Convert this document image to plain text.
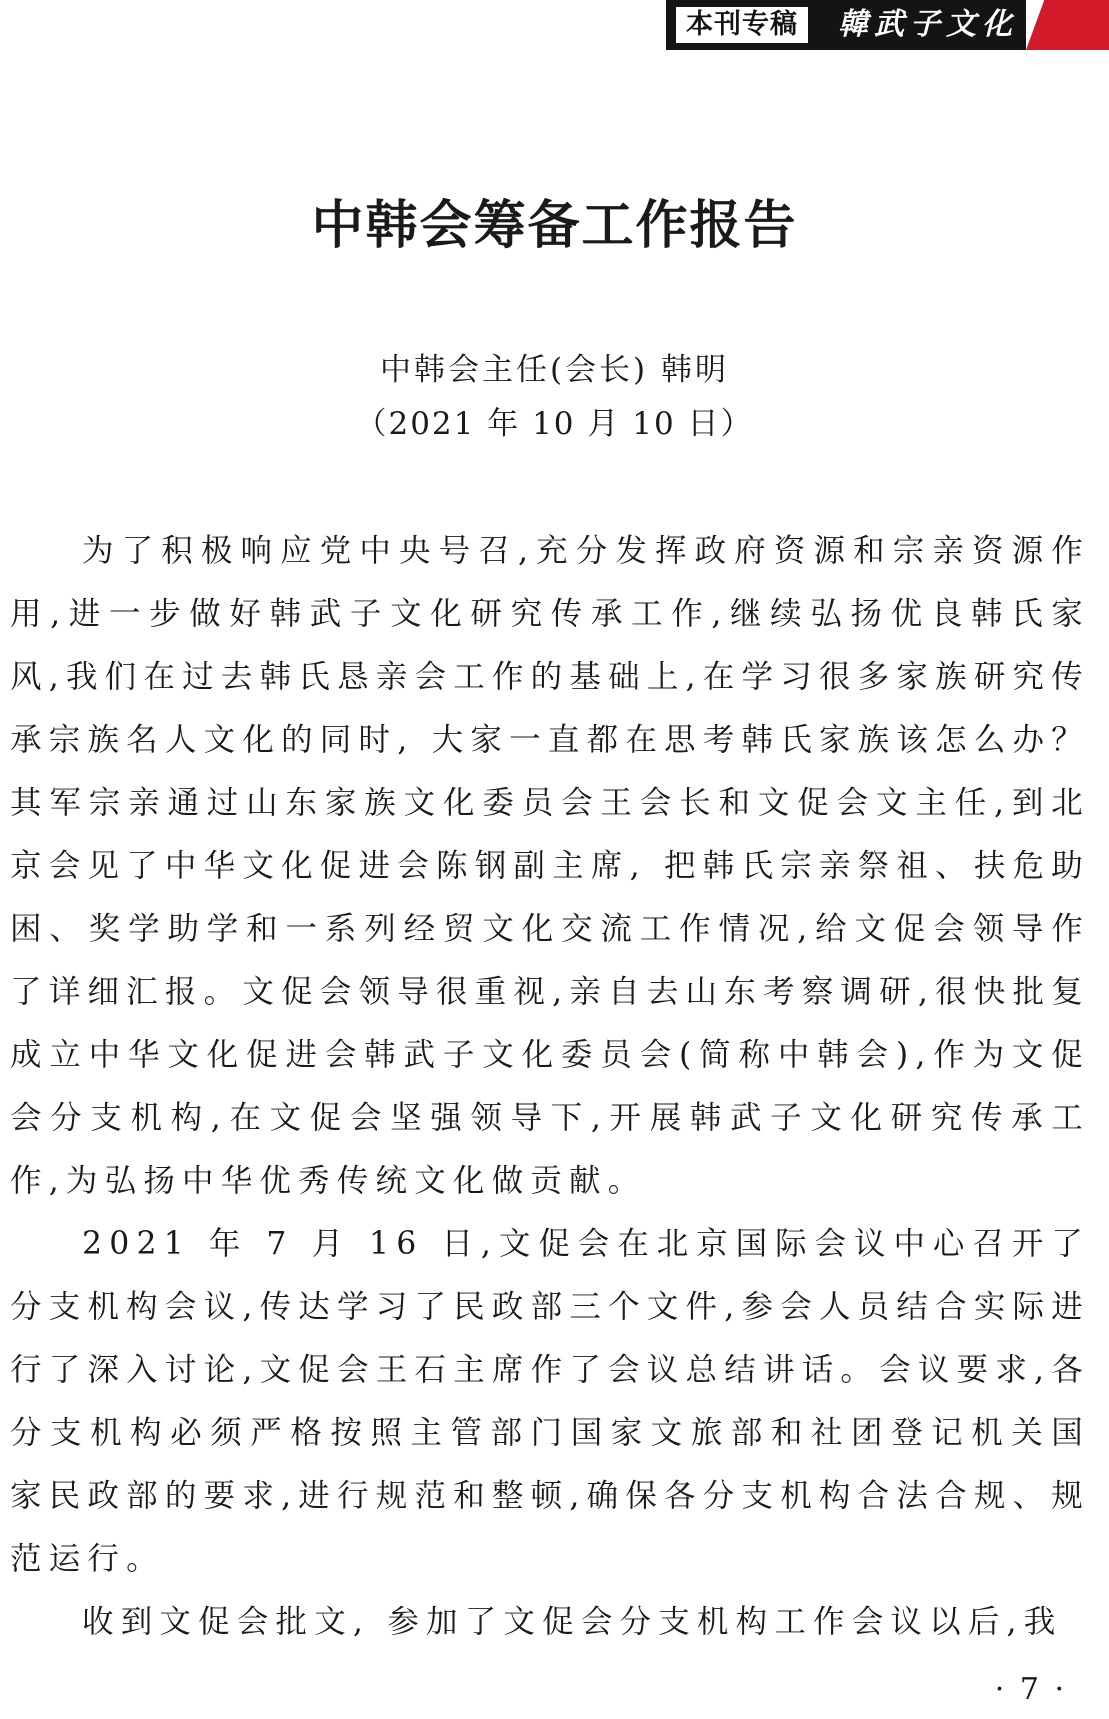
本刊专稿	韓武子文化
中韩会筹备工作报告
中韩会主任(会长) 韩明
（2021 年 10 月 10 日）

为了积极响应党中央号召,充分发挥政府资源和宗亲资源作用,进一步做好韩武子文化研究传承工作,继续弘扬优良韩氏家风,我们在过去韩氏恳亲会工作的基础上,在学习很多家族研究传承宗族名人文化的同时, 大家一直都在思考韩氏家族该怎么办？其军宗亲通过山东家族文化委员会王会长和文促会文主任,到北京会见了中华文化促进会陈钢副主席, 把韩氏宗亲祭祖、扶危助困、奖学助学和一系列经贸文化交流工作情况,给文促会领导作了详细汇报。文促会领导很重视,亲自去山东考察调研,很快批复成立中华文化促进会韩武子文化委员会(简称中韩会),作为文促会分支机构,在文促会坚强领导下,开展韩武子文化研究传承工作,为弘扬中华优秀传统文化做贡献。

2021 年 7 月 16 日,文促会在北京国际会议中心召开了分支机构会议,传达学习了民政部三个文件,参会人员结合实际进行了深入讨论,文促会王石主席作了会议总结讲话。会议要求,各分支机构必须严格按照主管部门国家文旅部和社团登记机关国家民政部的要求,进行规范和整顿,确保各分支机构合法合规、规范运行。

收到文促会批文, 参加了文促会分支机构工作会议以后,我

· 7 ·
